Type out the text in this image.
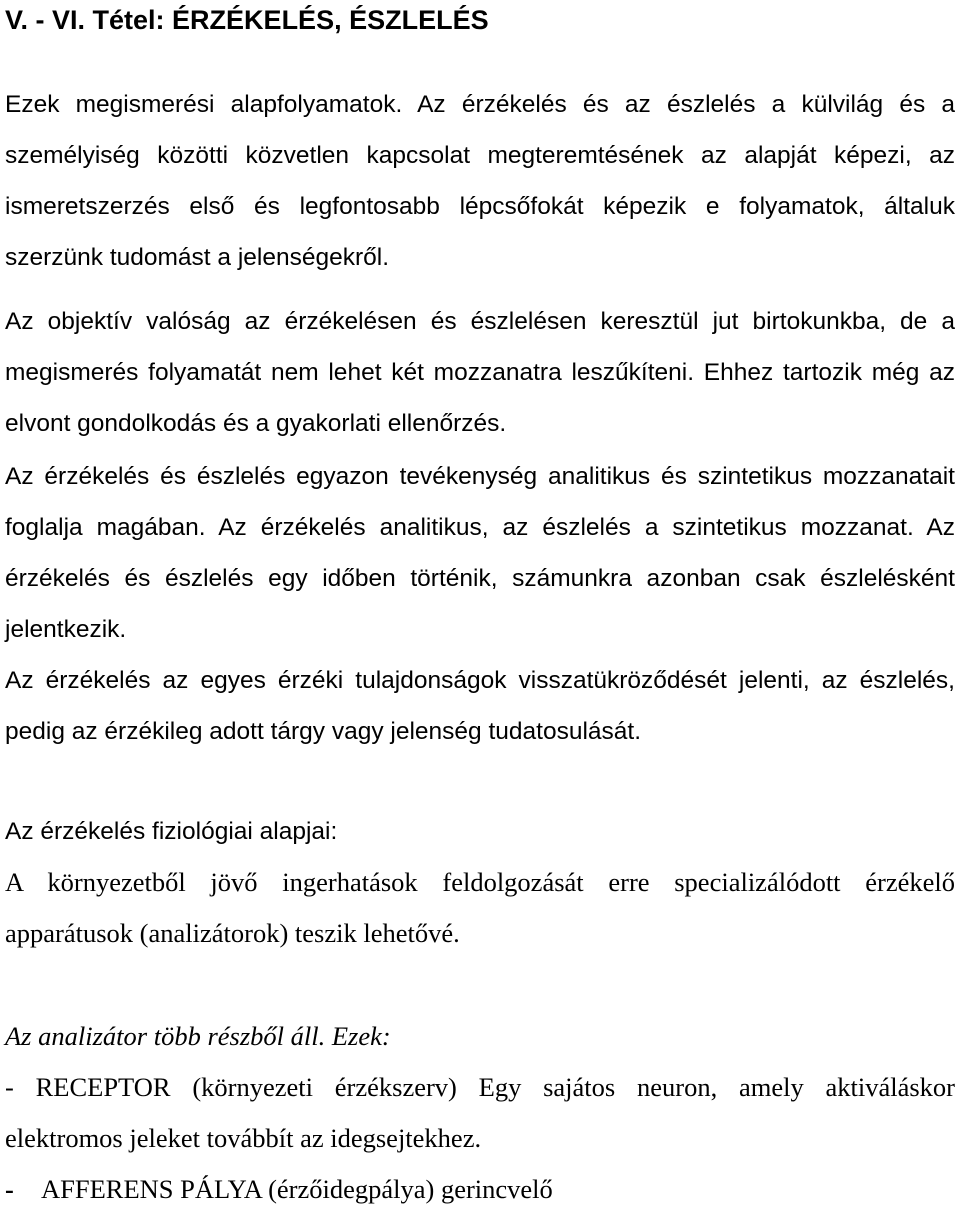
V. - VI. Tétel: ÉRZÉKELÉS, ÉSZLELÉS

Ezek megismerési alapfolyamatok. Az érzékelés és az észlelés a külvilág és a személyiség közötti közvetlen kapcsolat megteremtésének az alapját képezi, az ismeretszerzés első és legfontosabb lépcsőfokát képezik e folyamatok, általuk szerzünk tudomást a jelenségekről.

Az objektív valóság az érzékelésen és észlelésen keresztül jut birtokunkba, de a megismerés folyamatát nem lehet két mozzanatra leszűkíteni. Ehhez tartozik még az elvont gondolkodás és a gyakorlati ellenőrzés.

Az érzékelés és észlelés egyazon tevékenység analitikus és szintetikus mozzanatait foglalja magában. Az érzékelés analitikus, az észlelés a szintetikus mozzanat. Az érzékelés és észlelés egy időben történik, számunkra azonban csak észlelésként jelentkezik.

Az érzékelés az egyes érzéki tulajdonságok visszatükröződését jelenti, az észlelés, pedig az érzékileg adott tárgy vagy jelenség tudatosulását.

Az érzékelés fiziológiai alapjai:

A környezetből jövő ingerhatások feldolgozását erre specializálódott érzékelő apparátusok (analizátorok) teszik lehetővé.

Az analizátor több részből áll. Ezek:

- RECEPTOR (környezeti érzékszerv) Egy sajátos neuron, amely aktiváláskor elektromos jeleket továbbít az idegsejtekhez.

- AFFERENS PÁLYA (érzőidegpálya) gerincvelő
